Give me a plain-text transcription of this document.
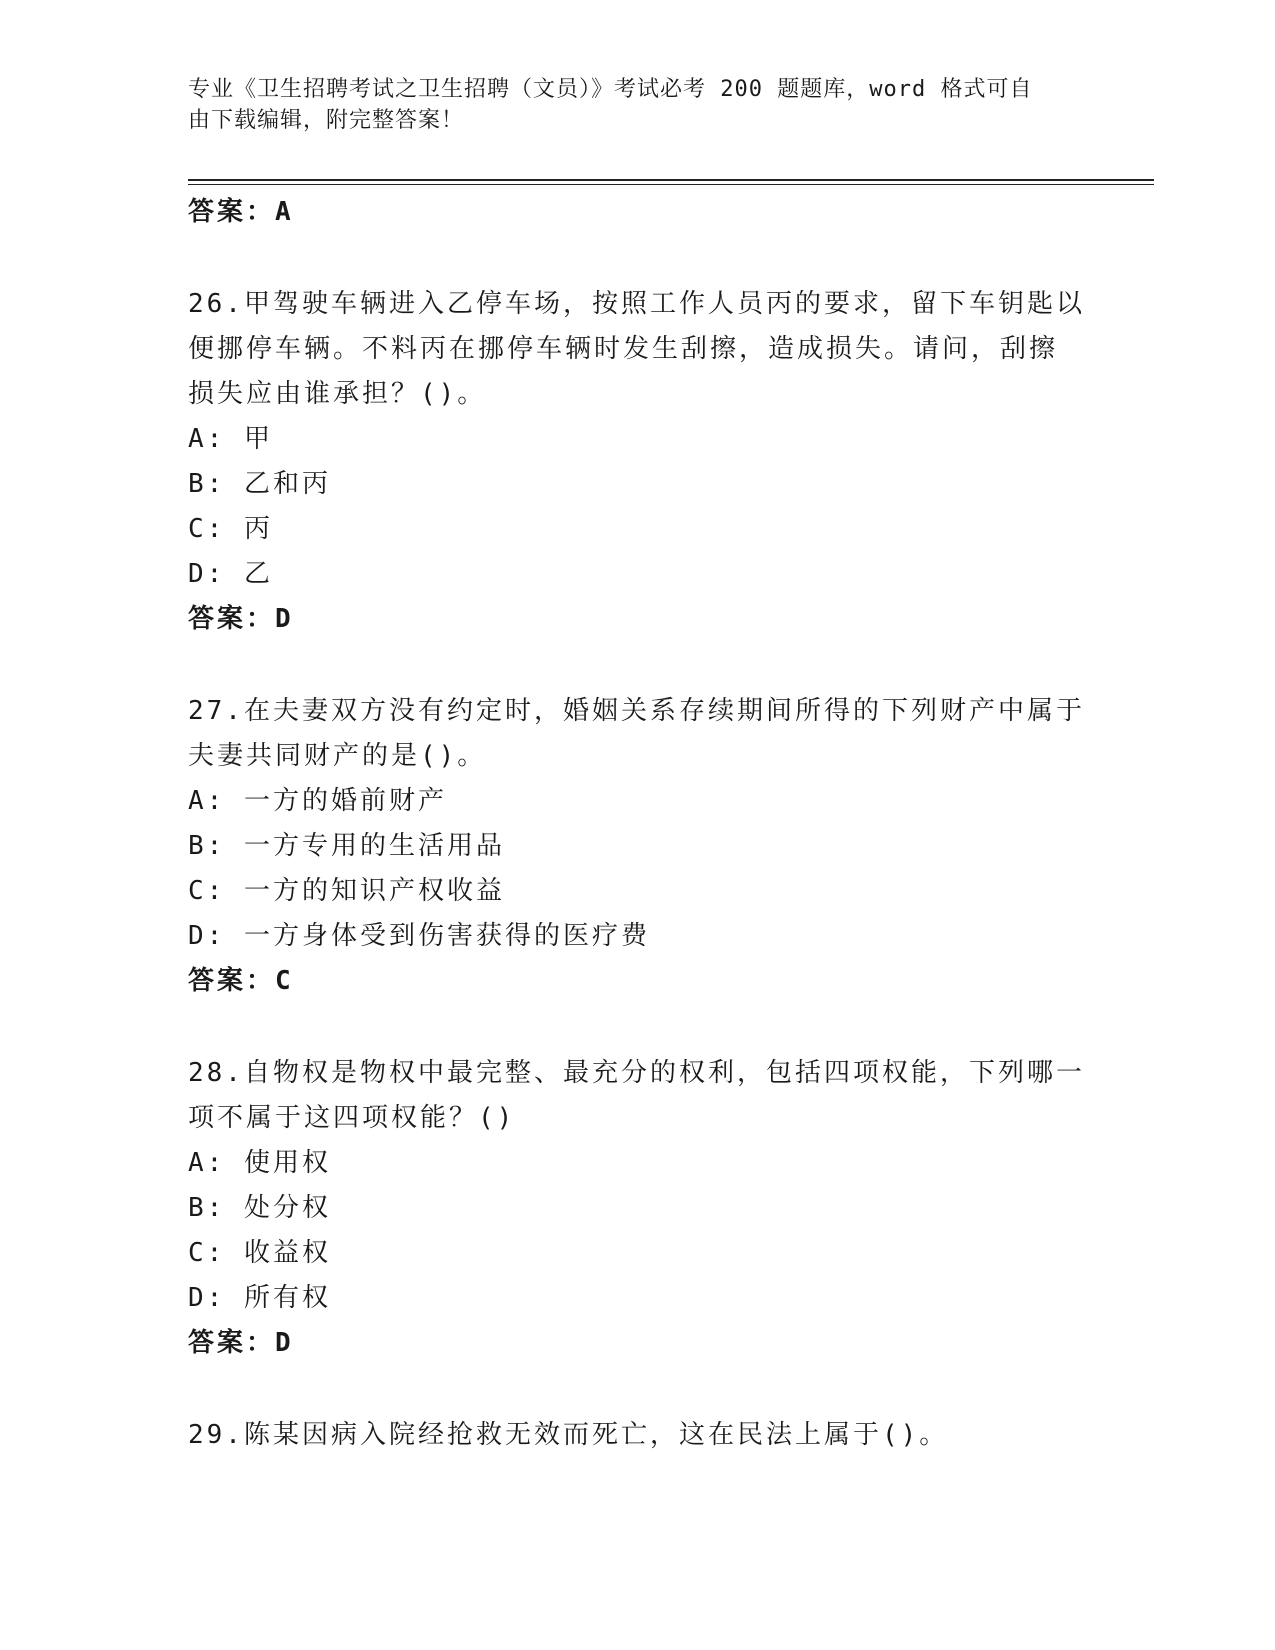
专业《卫生招聘考试之卫生招聘（文员）》考试必考 200 题题库，word 格式可自
由下载编辑，附完整答案！
答案：A
26.甲驾驶车辆进入乙停车场，按照工作人员丙的要求，留下车钥匙以
便挪停车辆。不料丙在挪停车辆时发生刮擦，造成损失。请问，刮擦
损失应由谁承担？()。
A: 甲
B: 乙和丙
C: 丙
D: 乙
答案：D
27.在夫妻双方没有约定时，婚姻关系存续期间所得的下列财产中属于
夫妻共同财产的是()。
A: 一方的婚前财产
B: 一方专用的生活用品
C: 一方的知识产权收益
D: 一方身体受到伤害获得的医疗费
答案：C
28.自物权是物权中最完整、最充分的权利，包括四项权能，下列哪一
项不属于这四项权能？()
A: 使用权
B: 处分权
C: 收益权
D: 所有权
答案：D
29.陈某因病入院经抢救无效而死亡，这在民法上属于()。
